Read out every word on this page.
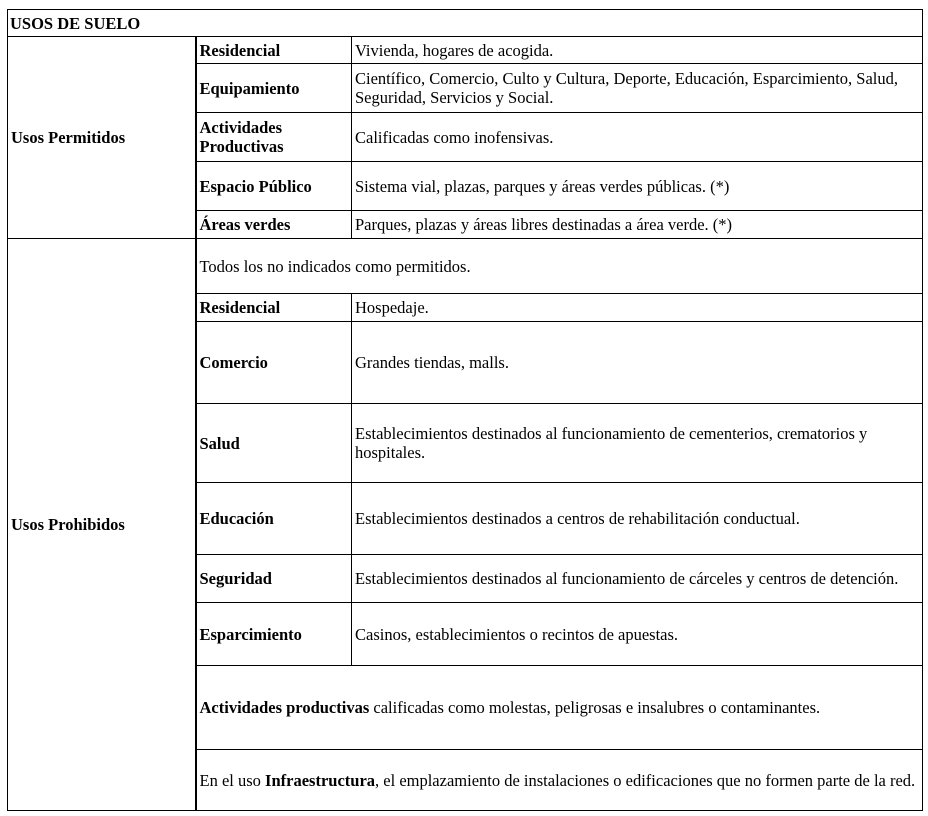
USOS DE SUELO		
Usos Permitidos	Residencial	Vivienda, hogares de acogida.
	Equipamiento	Científico, Comercio, Culto y Cultura, Deporte, Educación, Esparcimiento, Salud, Seguridad, Servicios y Social.
	Actividades Productivas	Calificadas como inofensivas.
	Espacio Público	Sistema vial, plazas, parques y áreas verdes públicas. (*)
	Áreas verdes	Parques, plazas y áreas libres destinadas a área verde. (*)
Usos Prohibidos	Todos los no indicados como permitidos.	
	Residencial	Hospedaje.
	Comercio	Grandes tiendas, malls.
	Salud	Establecimientos destinados al funcionamiento de cementerios, crematorios y hospitales.
	Educación	Establecimientos destinados a centros de rehabilitación conductual.
	Seguridad	Establecimientos destinados al funcionamiento de cárceles y centros de detención.
	Esparcimiento	Casinos, establecimientos o recintos de apuestas.
	Actividades productivas calificadas como molestas, peligrosas e insalubres o contaminantes.	
	En el uso Infraestructura, el emplazamiento de instalaciones o edificaciones que no formen parte de la red.	
